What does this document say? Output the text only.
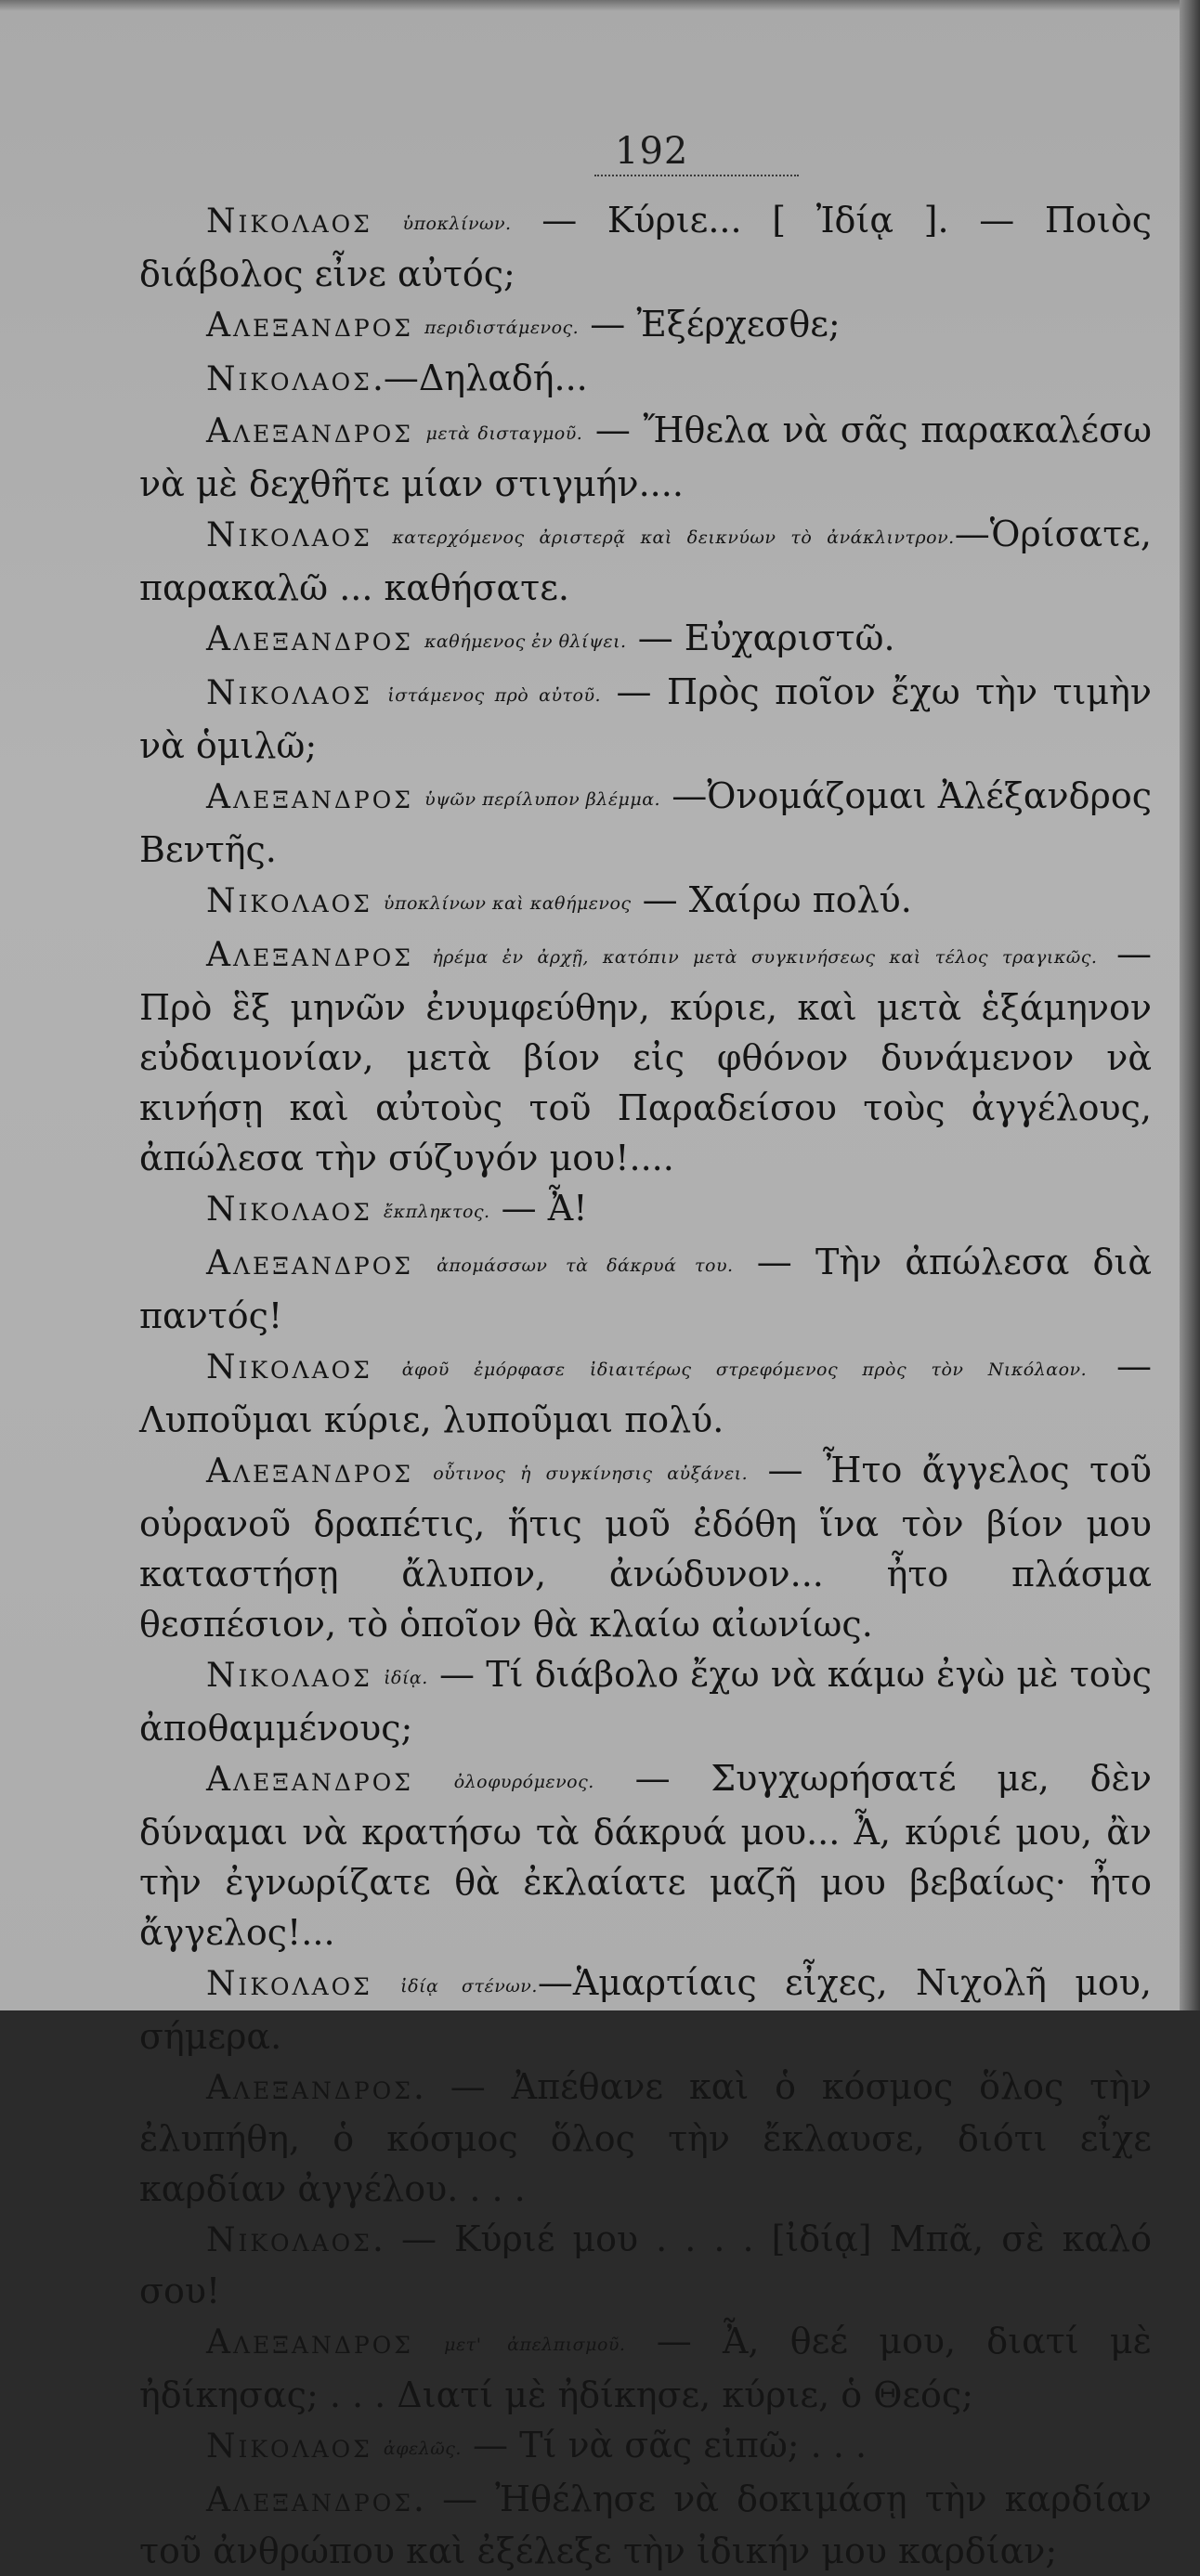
192

Νικολαος ὑποκλίνων. — Κύριε... [ Ἰδίᾳ ]. — Ποιὸς διάβολος εἶνε αὐτός;

Αλεξανδρος περιδιστάμενος. — Ἐξέρχεσθε;

Νικολαος.—Δηλαδή...

Αλεξανδρος μετὰ δισταγμοῦ. — Ἤθελα νὰ σᾶς παρακαλέσω νὰ μὲ δεχθῆτε μίαν στιγμήν....

Νικολαος κατερχόμενος ἀριστερᾷ καὶ δεικνύων τὸ ἀνάκλιντρον.—Ὁρίσατε, παρακαλῶ ... καθήσατε.

Αλεξανδρος καθήμενος ἐν θλίψει. — Εὐχαριστῶ.

Νικολαος ἱστάμενος πρὸ αὐτοῦ. — Πρὸς ποῖον ἔχω τὴν τιμὴν νὰ ὁμιλῶ;

Αλεξανδρος ὑψῶν περίλυπον βλέμμα. —Ὀνομάζομαι Ἀλέξανδρος Βεντῆς.

Νικολαος ὑποκλίνων καὶ καθήμενος — Χαίρω πολύ.

Αλεξανδρος ἠρέμα ἐν ἀρχῇ, κατόπιν μετὰ συγκινήσεως καὶ τέλος τραγικῶς. — Πρὸ ἓξ μηνῶν ἐνυμφεύθην, κύριε, καὶ μετὰ ἑξάμηνον εὐδαιμονίαν, μετὰ βίον εἰς φθόνον δυνάμενον νὰ κινήσῃ καὶ αὐτοὺς τοῦ Παραδείσου τοὺς ἀγγέλους, ἀπώλεσα τὴν σύζυγόν μου!....

Νικολαος ἔκπληκτος. — Ἆ!

Αλεξανδρος ἀπομάσσων τὰ δάκρυά του. — Τὴν ἀπώλεσα διὰ παντός!

Νικολαος ἀφοῦ ἐμόρφασε ἰδιαιτέρως στρεφόμενος πρὸς τὸν Νικόλαον. — Λυποῦμαι κύριε, λυποῦμαι πολύ.

Αλεξανδρος οὗτινος ἡ συγκίνησις αὐξάνει. — Ἦτο ἄγγελος τοῦ οὐρανοῦ δραπέτις, ἥτις μοῦ ἐδόθη ἵνα τὸν βίον μου καταστήσῃ ἄλυπον, ἀνώδυνον... ἦτο πλάσμα θεσπέσιον, τὸ ὁποῖον θὰ κλαίω αἰωνίως.

Νικολαος ἰδίᾳ. — Τί διάβολο ἔχω νὰ κάμω ἐγὼ μὲ τοὺς ἀποθαμμένους;

Αλεξανδρος ὀλοφυρόμενος. — Συγχωρήσατέ με, δὲν δύναμαι νὰ κρατήσω τὰ δάκρυά μου... Ἆ, κύριέ μου, ἂν τὴν ἐγνωρίζατε θὰ ἐκλαίατε μαζῆ μου βεβαίως· ἦτο ἄγγελος!...

Νικολαος ἰδίᾳ στένων.—Ἁμαρτίαις εἶχες, Νιχολῆ μου, σήμερα.

Αλεξανδρος. — Ἀπέθανε καὶ ὁ κόσμος ὅλος τὴν ἐλυπήθη, ὁ κόσμος ὅλος τὴν ἔκλαυσε, διότι εἶχε καρδίαν ἀγγέλου. . . .

Νικολαος. — Κύριέ μου . . . . [ἰδίᾳ] Μπᾶ, σὲ καλό σου!

Αλεξανδρος μετ' ἀπελπισμοῦ. — Ἆ, θεέ μου, διατί μὲ ἠδίκησας; . . . Διατί μὲ ἠδίκησε, κύριε, ὁ Θεός;

Νικολαος ἀφελῶς. — Τί νὰ σᾶς εἰπῶ; . . .

Αλεξανδρος. — Ἠθέλησε νὰ δοκιμάσῃ τὴν καρδίαν τοῦ ἀνθρώπου καὶ ἐξέλεξε τὴν ἰδικήν μου καρδίαν;
